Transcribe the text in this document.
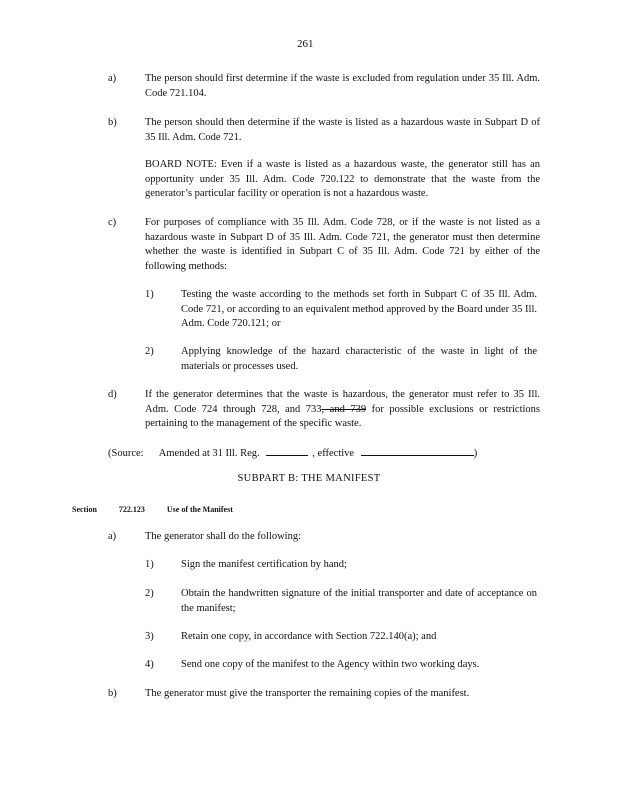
261
a)	The person should first determine if the waste is excluded from regulation under 35 Ill. Adm. Code 721.104.
b)	The person should then determine if the waste is listed as a hazardous waste in Subpart D of 35 Ill. Adm. Code 721.
BOARD NOTE: Even if a waste is listed as a hazardous waste, the generator still has an opportunity under 35 Ill. Adm. Code 720.122 to demonstrate that the waste from the generator’s particular facility or operation is not a hazardous waste.
c)	For purposes of compliance with 35 Ill. Adm. Code 728, or if the waste is not listed as a hazardous waste in Subpart D of 35 Ill. Adm. Code 721, the generator must then determine whether the waste is identified in Subpart C of 35 Ill. Adm. Code 721 by either of the following methods:
1)	Testing the waste according to the methods set forth in Subpart C of 35 Ill. Adm. Code 721, or according to an equivalent method approved by the Board under 35 Ill. Adm. Code 720.121; or
2)	Applying knowledge of the hazard characteristic of the waste in light of the materials or processes used.
d)	If the generator determines that the waste is hazardous, the generator must refer to 35 Ill. Adm. Code 724 through 728, and 733, and 739 for possible exclusions or restrictions pertaining to the management of the specific waste.
(Source: Amended at 31 Ill. Reg.	, effective	)
SUBPART B: THE MANIFEST
Section	722.123	Use of the Manifest
a)	The generator shall do the following:
1)	Sign the manifest certification by hand;
2)	Obtain the handwritten signature of the initial transporter and date of acceptance on the manifest;
3)	Retain one copy, in accordance with Section 722.140(a); and
4)	Send one copy of the manifest to the Agency within two working days.
b)	The generator must give the transporter the remaining copies of the manifest.
